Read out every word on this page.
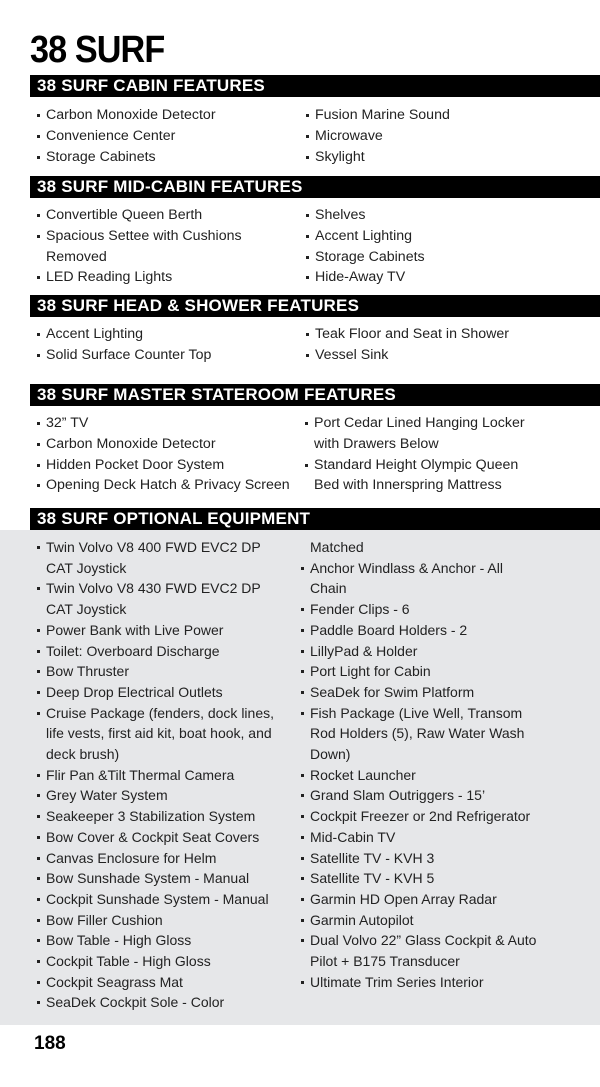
38 SURF
38 SURF CABIN FEATURES
Carbon Monoxide Detector
Convenience Center
Storage Cabinets
Fusion Marine Sound
Microwave
Skylight
38 SURF MID-CABIN FEATURES
Convertible Queen Berth
Spacious Settee with Cushions
Removed
LED Reading Lights
Shelves
Accent Lighting
Storage Cabinets
Hide-Away TV
38 SURF HEAD & SHOWER FEATURES
Accent Lighting
Solid Surface Counter Top
Teak Floor and Seat in Shower
Vessel Sink
38 SURF MASTER STATEROOM FEATURES
32” TV
Carbon Monoxide Detector
Hidden Pocket Door System
Opening Deck Hatch & Privacy Screen
Port Cedar Lined Hanging Locker
with Drawers Below
Standard Height Olympic Queen
Bed with Innerspring Mattress
38 SURF OPTIONAL EQUIPMENT
Twin Volvo V8 400 FWD EVC2 DP
CAT Joystick
Twin Volvo V8 430 FWD EVC2 DP
CAT Joystick
Power Bank with Live Power
Toilet: Overboard Discharge
Bow Thruster
Deep Drop Electrical Outlets
Cruise Package (fenders, dock lines,
life vests, first aid kit, boat hook, and
deck brush)
Flir Pan &Tilt Thermal Camera
Grey Water System
Seakeeper 3 Stabilization System
Bow Cover & Cockpit Seat Covers
Canvas Enclosure for Helm
Bow Sunshade System - Manual
Cockpit Sunshade System - Manual
Bow Filler Cushion
Bow Table - High Gloss
Cockpit Table - High Gloss
Cockpit Seagrass Mat
SeaDek Cockpit Sole - Color
Matched
Anchor Windlass & Anchor - All
Chain
Fender Clips - 6
Paddle Board Holders - 2
LillyPad & Holder
Port Light for Cabin
SeaDek for Swim Platform
Fish Package (Live Well, Transom
Rod Holders (5), Raw Water Wash
Down)
Rocket Launcher
Grand Slam Outriggers - 15’
Cockpit Freezer or 2nd Refrigerator
Mid-Cabin TV
Satellite TV - KVH 3
Satellite TV - KVH 5
Garmin HD Open Array Radar
Garmin Autopilot
Dual Volvo 22” Glass Cockpit & Auto
Pilot + B175 Transducer
Ultimate Trim Series Interior

188
